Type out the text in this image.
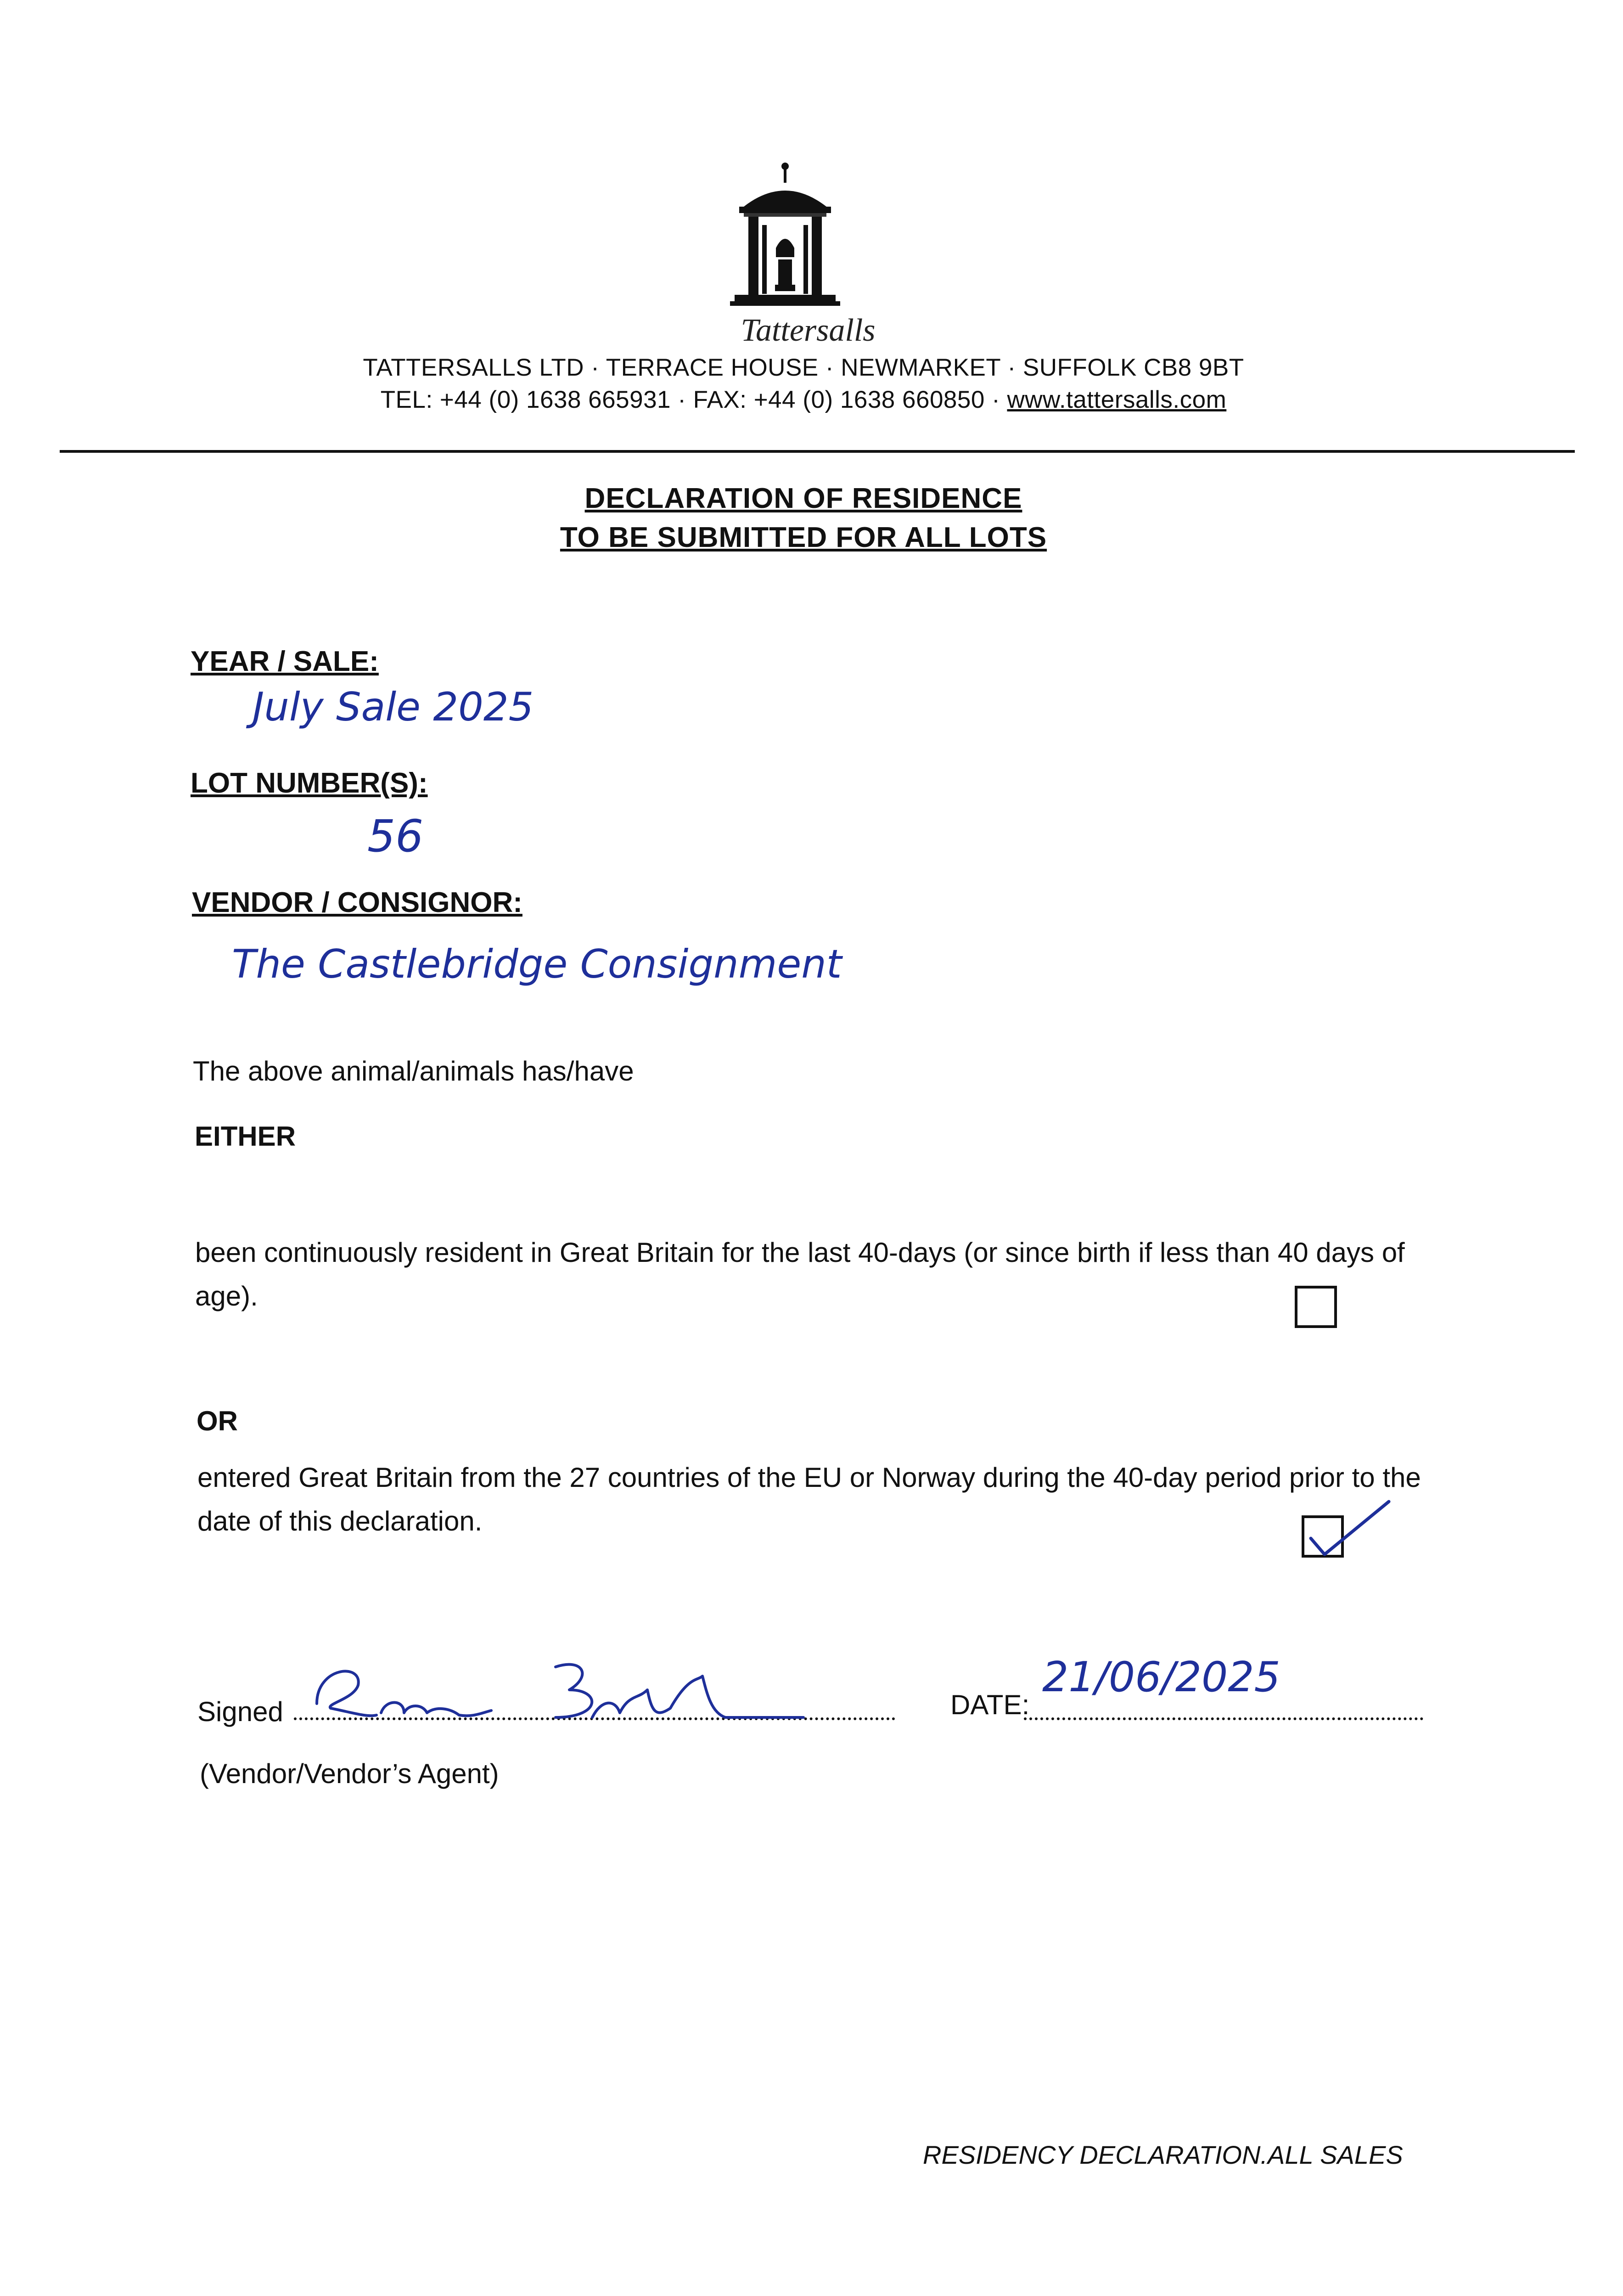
Tattersalls
TATTERSALLS LTD · TERRACE HOUSE · NEWMARKET · SUFFOLK CB8 9BT
TEL: +44 (0) 1638 665931 · FAX: +44 (0) 1638 660850 · www.tattersalls.com
DECLARATION OF RESIDENCE
TO BE SUBMITTED FOR ALL LOTS
YEAR / SALE:
July Sale 2025
LOT NUMBER(S):
56
VENDOR / CONSIGNOR:
The Castlebridge Consignment
The above animal/animals has/have
EITHER
been continuously resident in Great Britain for the last 40-days (or since birth if less than 40 days of age).
OR
entered Great Britain from the 27 countries of the EU or Norway during the 40-day period prior to the date of this declaration.
Signed	DATE:
21/06/2025
(Vendor/Vendor’s Agent)
RESIDENCY DECLARATION.ALL SALES
